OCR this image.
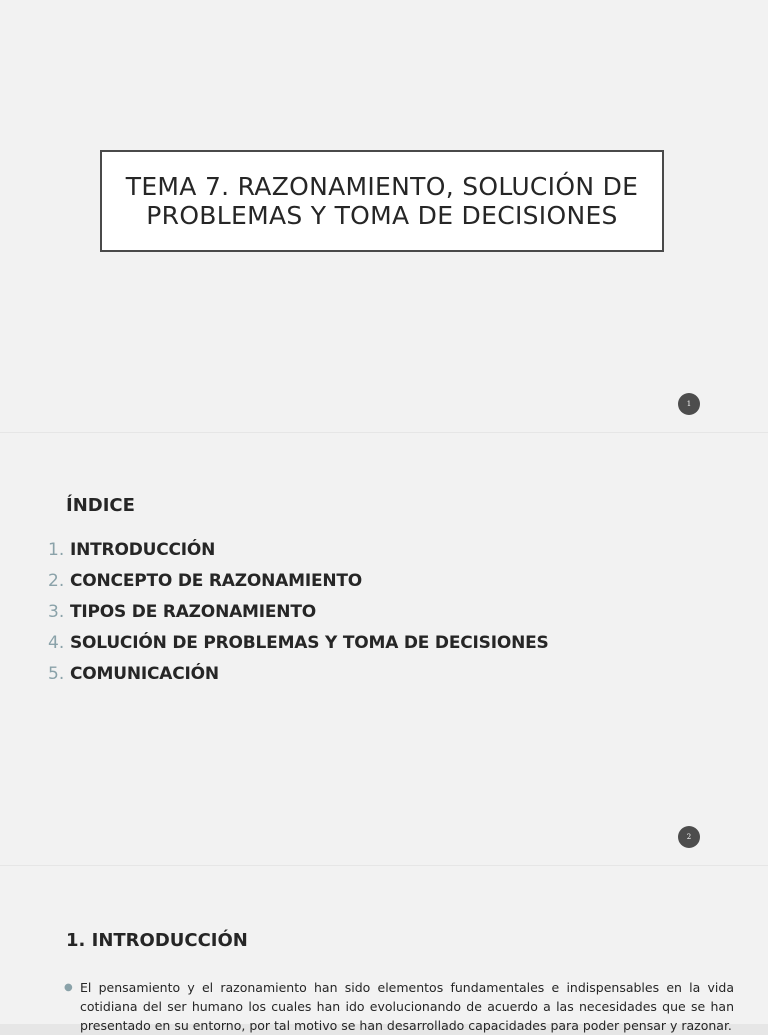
TEMA 7. RAZONAMIENTO, SOLUCIÓN DE PROBLEMAS Y TOMA DE DECISIONES
1
ÍNDICE
1. INTRODUCCIÓN
2. CONCEPTO DE RAZONAMIENTO
3. TIPOS DE RAZONAMIENTO
4. SOLUCIÓN DE PROBLEMAS Y TOMA DE DECISIONES
5. COMUNICACIÓN
2
1. INTRODUCCIÓN
● El pensamiento y el razonamiento han sido elementos fundamentales e indispensables en la vida cotidiana del ser humano los cuales han ido evolucionando de acuerdo a las necesidades que se han presentado en su entorno, por tal motivo se han desarrollado capacidades para poder pensar y razonar.
